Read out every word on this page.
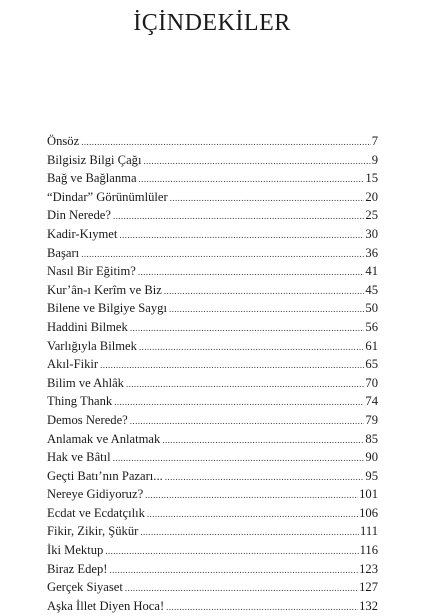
İÇİNDEKİLER
Önsöz .....	7
Bilgisiz Bilgi Çağı .....	9
Bağ ve Bağlanma .....	15
“Dindar” Görünümlüler .....	20
Din Nerede? .....	25
Kadir-Kıymet .....	30
Başarı .....	36
Nasıl Bir Eğitim? .....	41
Kur’ân-ı Kerîm ve Biz .....	45
Bilene ve Bilgiye Saygı .....	50
Haddini Bilmek .....	56
Varlığıyla Bilmek .....	61
Akıl-Fikir .....	65
Bilim ve Ahlâk .....	70
Thing Thank .....	74
Demos Nerede? .....	79
Anlamak ve Anlatmak .....	85
Hak ve Bâtıl .....	90
Geçti Batı’nın Pazarı... .....	95
Nereye Gidiyoruz? .....	101
Ecdat ve Ecdatçılık .....	106
Fikir, Zikir, Şükür .....	111
İki Mektup .....	116
Biraz Edep! .....	123
Gerçek Siyaset .....	127
Aşka İllet Diyen Hoca! .....	132
